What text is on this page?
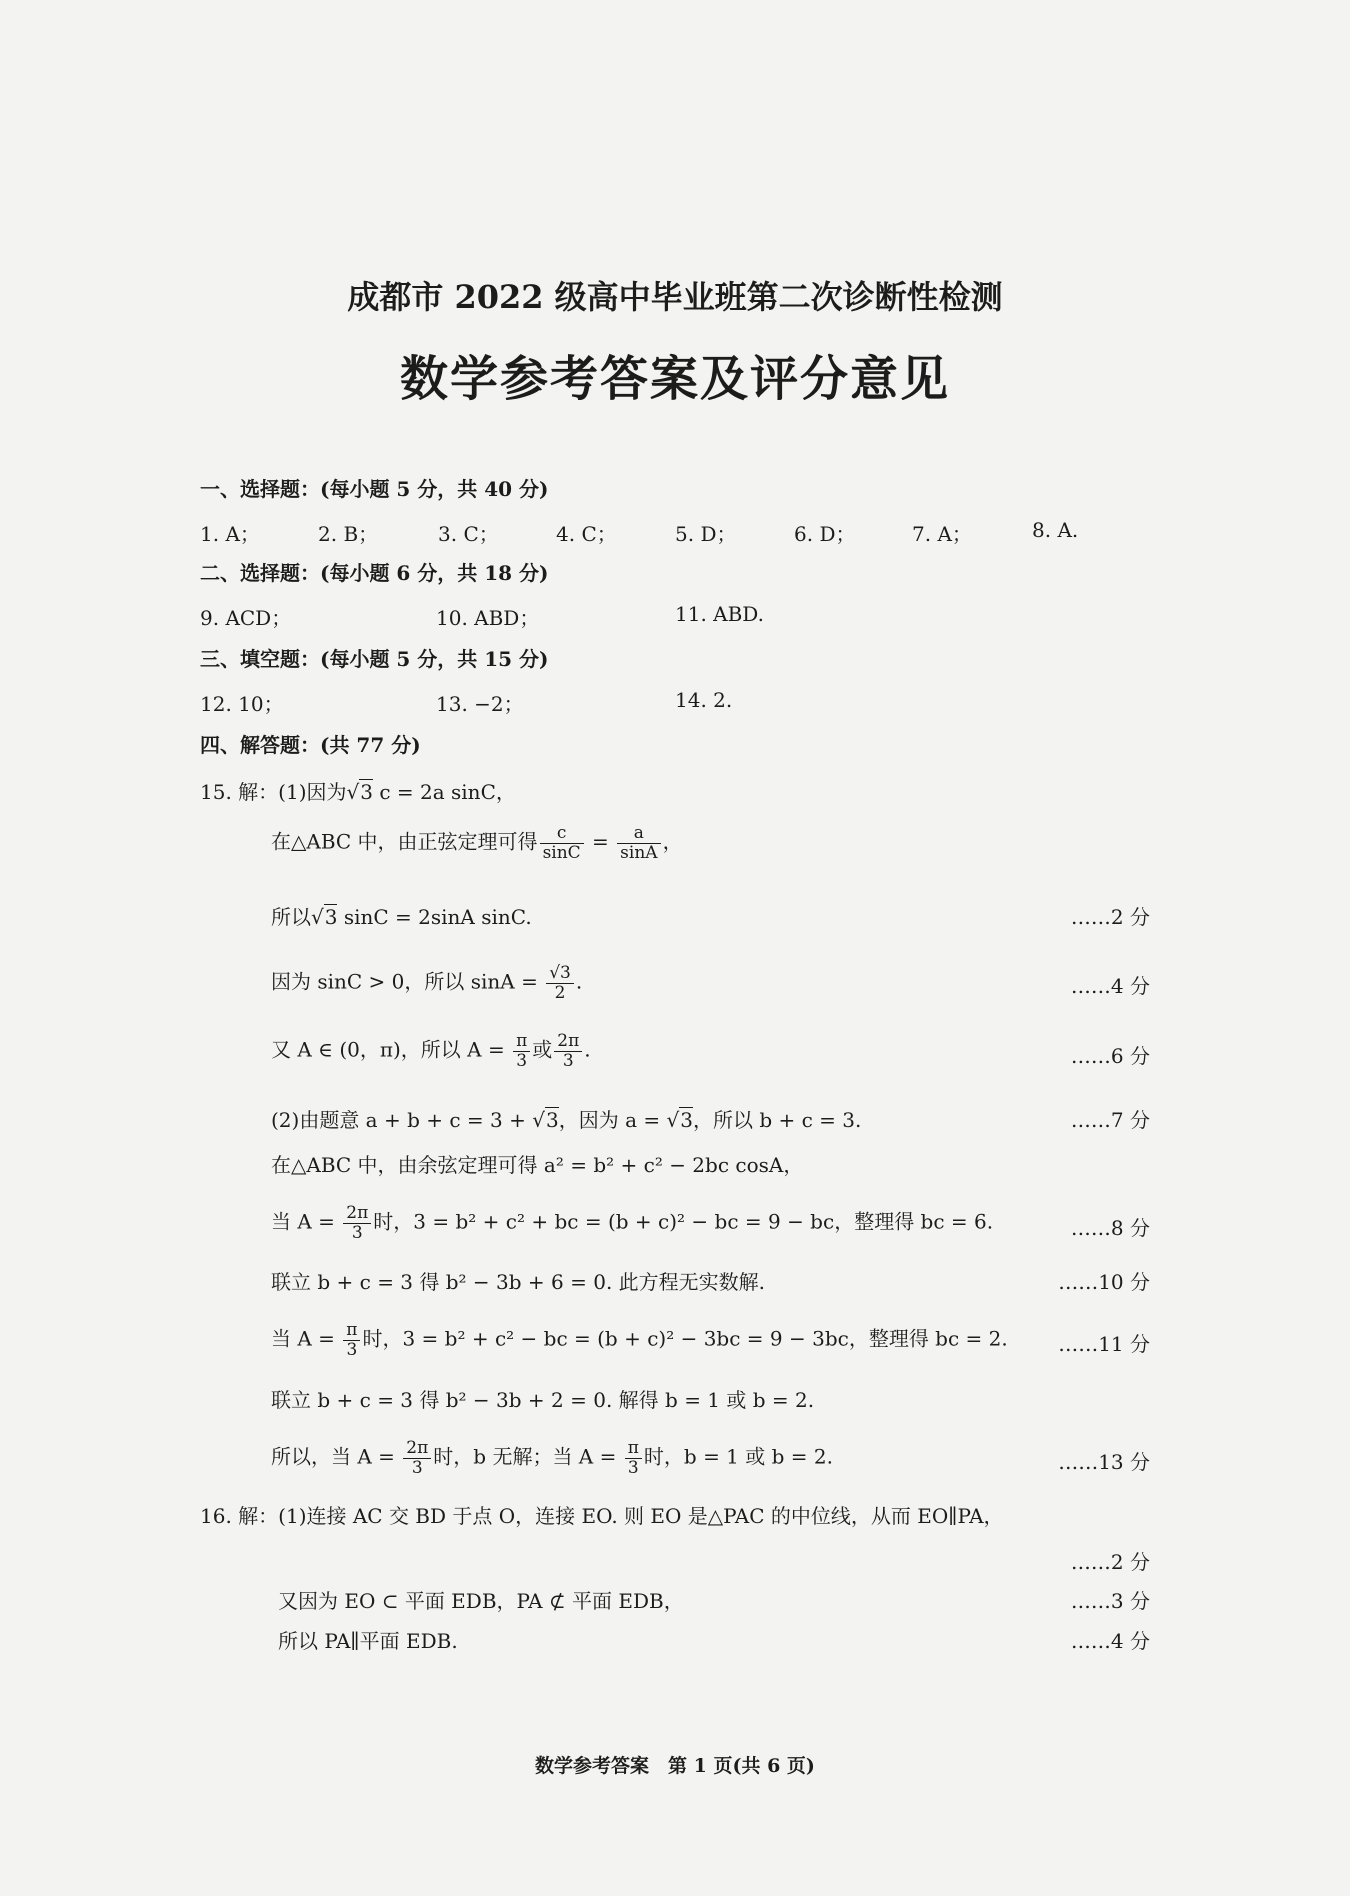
成都市 2022 级高中毕业班第二次诊断性检测
数学参考答案及评分意见
一、选择题：(每小题 5 分，共 40 分)
1. A；	2. B；	3. C；	4. C；	5. D；	6. D；	7. A；	8. A.
二、选择题：(每小题 6 分，共 18 分)
9. ACD；	10. ABD；	11. ABD.
三、填空题：(每小题 5 分，共 15 分)
12. 10；	13. −2；	14. 2.
四、解答题：(共 77 分)
15. 解：(1)因为√3 c = 2a sinC，
在△ABC 中，由正弦定理可得 $\frac{c}{\sin C} = \frac{a}{\sin A}$ ，
所以√3 sinC = 2sinA sinC.	……2 分
因为 sinC > 0，所以 $\sin A = \frac{√3}{2}$ .	……4 分
又 A ∈ (0，π)，所以 $A = \frac{\pi}{3}$ 或 $\frac{2\pi}{3}$ .	……6 分
(2)由题意 a + b + c = 3 + √3，因为 a = √3，所以 b + c = 3.	……7 分
在△ABC 中，由余弦定理可得 a² = b² + c² − 2bc cosA，
当 $A = \frac{2\pi}{3}$ 时，3 = b² + c² + bc = (b + c)² − bc = 9 − bc，整理得 bc = 6.	……8 分
联立 b + c = 3 得 b² − 3b + 6 = 0. 此方程无实数解.	……10 分
当 $A = \frac{\pi}{3}$ 时，3 = b² + c² − bc = (b + c)² − 3bc = 9 − 3bc，整理得 bc = 2.	……11 分
联立 b + c = 3 得 b² − 3b + 2 = 0. 解得 b = 1 或 b = 2.
所以，当 $A = \frac{2\pi}{3}$ 时，b 无解；当 $A = \frac{\pi}{3}$ 时，b = 1 或 b = 2.	……13 分
16. 解：(1)连接 AC 交 BD 于点 O，连接 EO. 则 EO 是△PAC 的中位线，从而 EO∥PA，
……2 分
又因为 EO ⊂ 平面 EDB，PA ⊄ 平面 EDB，	……3 分
所以 PA∥平面 EDB.	……4 分
数学参考答案　第 1 页(共 6 页)
